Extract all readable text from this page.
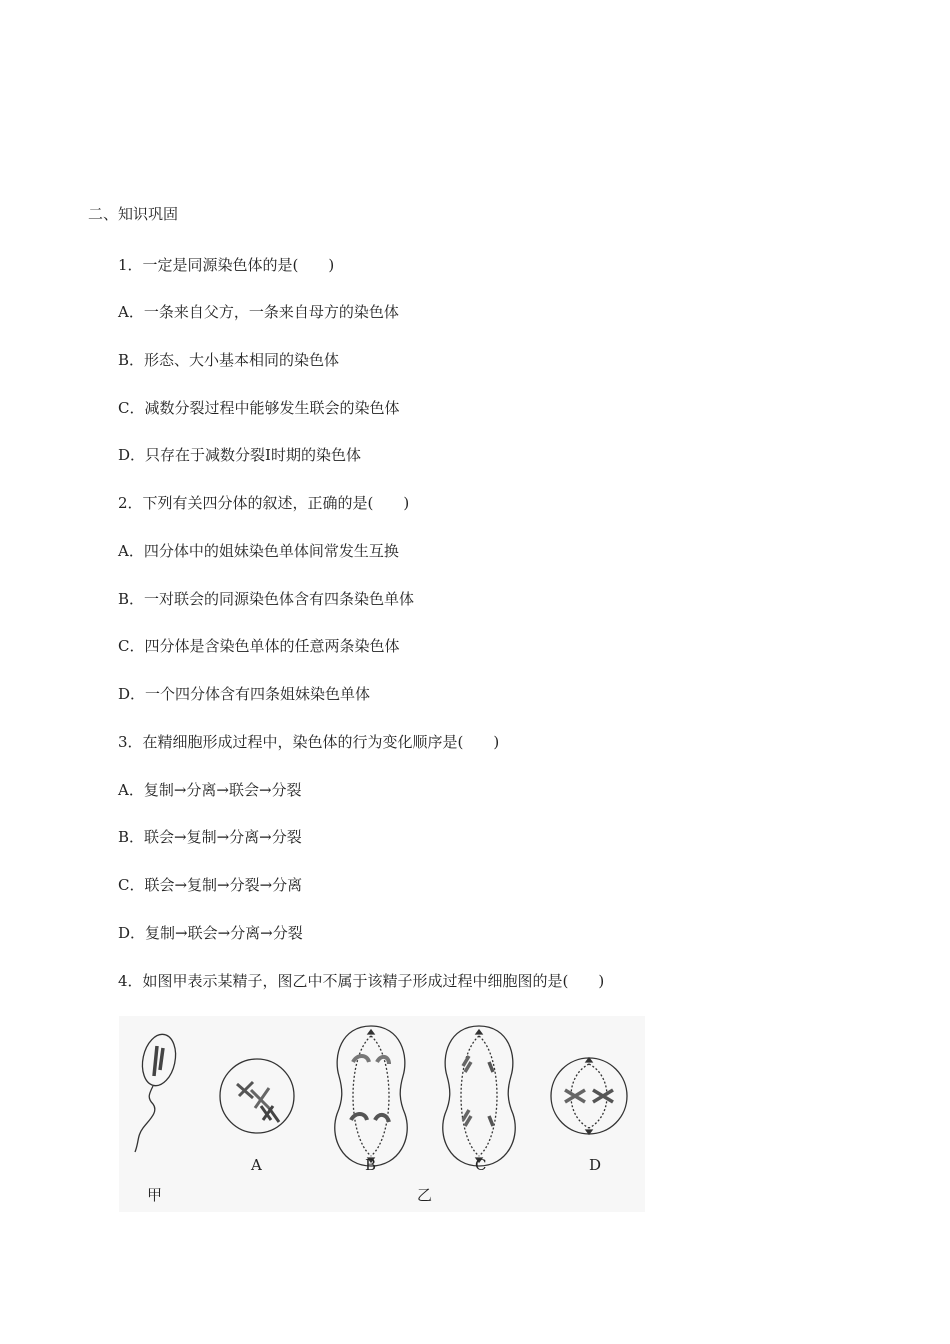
二、知识巩固
1．一定是同源染色体的是(　　)
A．一条来自父方，一条来自母方的染色体
B．形态、大小基本相同的染色体
C．减数分裂过程中能够发生联会的染色体
D．只存在于减数分裂Ⅰ时期的染色体
2．下列有关四分体的叙述，正确的是(　　)
A．四分体中的姐妹染色单体间常发生互换
B．一对联会的同源染色体含有四条染色单体
C．四分体是含染色单体的任意两条染色体
D．一个四分体含有四条姐妹染色单体
3．在精细胞形成过程中，染色体的行为变化顺序是(　　)
A．复制→分离→联会→分裂
B．联会→复制→分离→分裂
C．联会→复制→分裂→分离
D．复制→联会→分离→分裂
4．如图甲表示某精子，图乙中不属于该精子形成过程中细胞图的是(　　)
甲
A	B	C	D
乙
